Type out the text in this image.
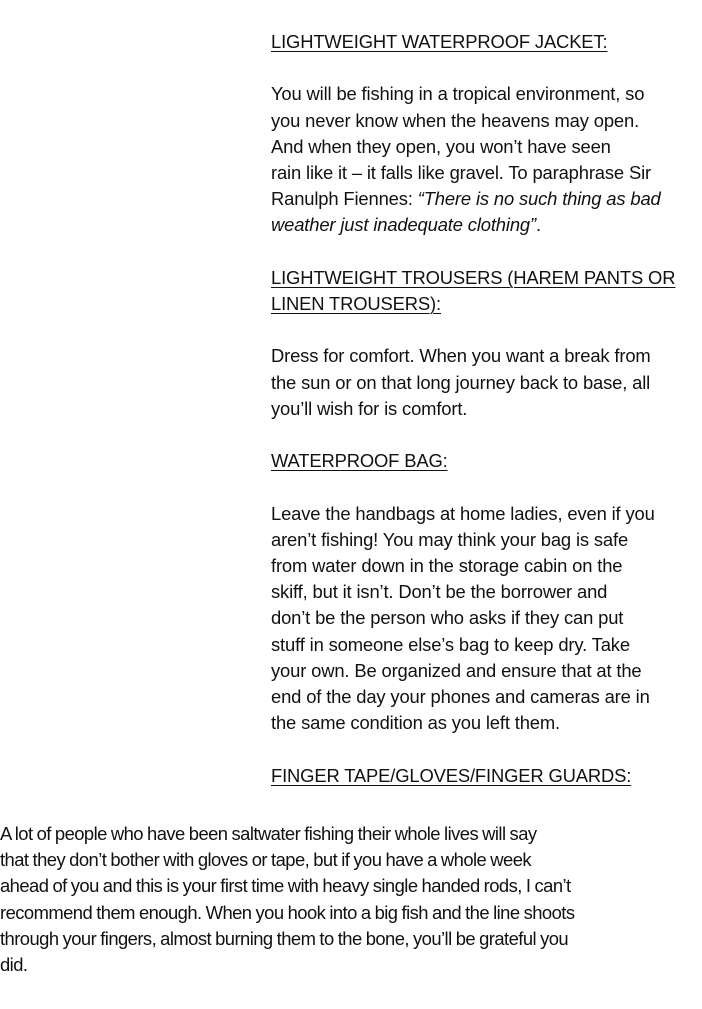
LIGHTWEIGHT WATERPROOF JACKET:

You will be fishing in a tropical environment, so
you never know when the heavens may open.
And when they open, you won’t have seen
rain like it – it falls like gravel. To paraphrase Sir
Ranulph Fiennes: “There is no such thing as bad
weather just inadequate clothing”.

LIGHTWEIGHT TROUSERS (HAREM PANTS OR
LINEN TROUSERS):

Dress for comfort. When you want a break from
the sun or on that long journey back to base, all
you’ll wish for is comfort.

WATERPROOF BAG:

Leave the handbags at home ladies, even if you
aren’t fishing! You may think your bag is safe
from water down in the storage cabin on the
skiff, but it isn’t. Don’t be the borrower and
don’t be the person who asks if they can put
stuff in someone else’s bag to keep dry. Take
your own. Be organized and ensure that at the
end of the day your phones and cameras are in
the same condition as you left them.

FINGER TAPE/GLOVES/FINGER GUARDS:

A lot of people who have been saltwater fishing their whole lives will say
that they don’t bother with gloves or tape, but if you have a whole week
ahead of you and this is your first time with heavy single handed rods, I can’t
recommend them enough. When you hook into a big fish and the line shoots
through your fingers, almost burning them to the bone, you’ll be grateful you
did.
